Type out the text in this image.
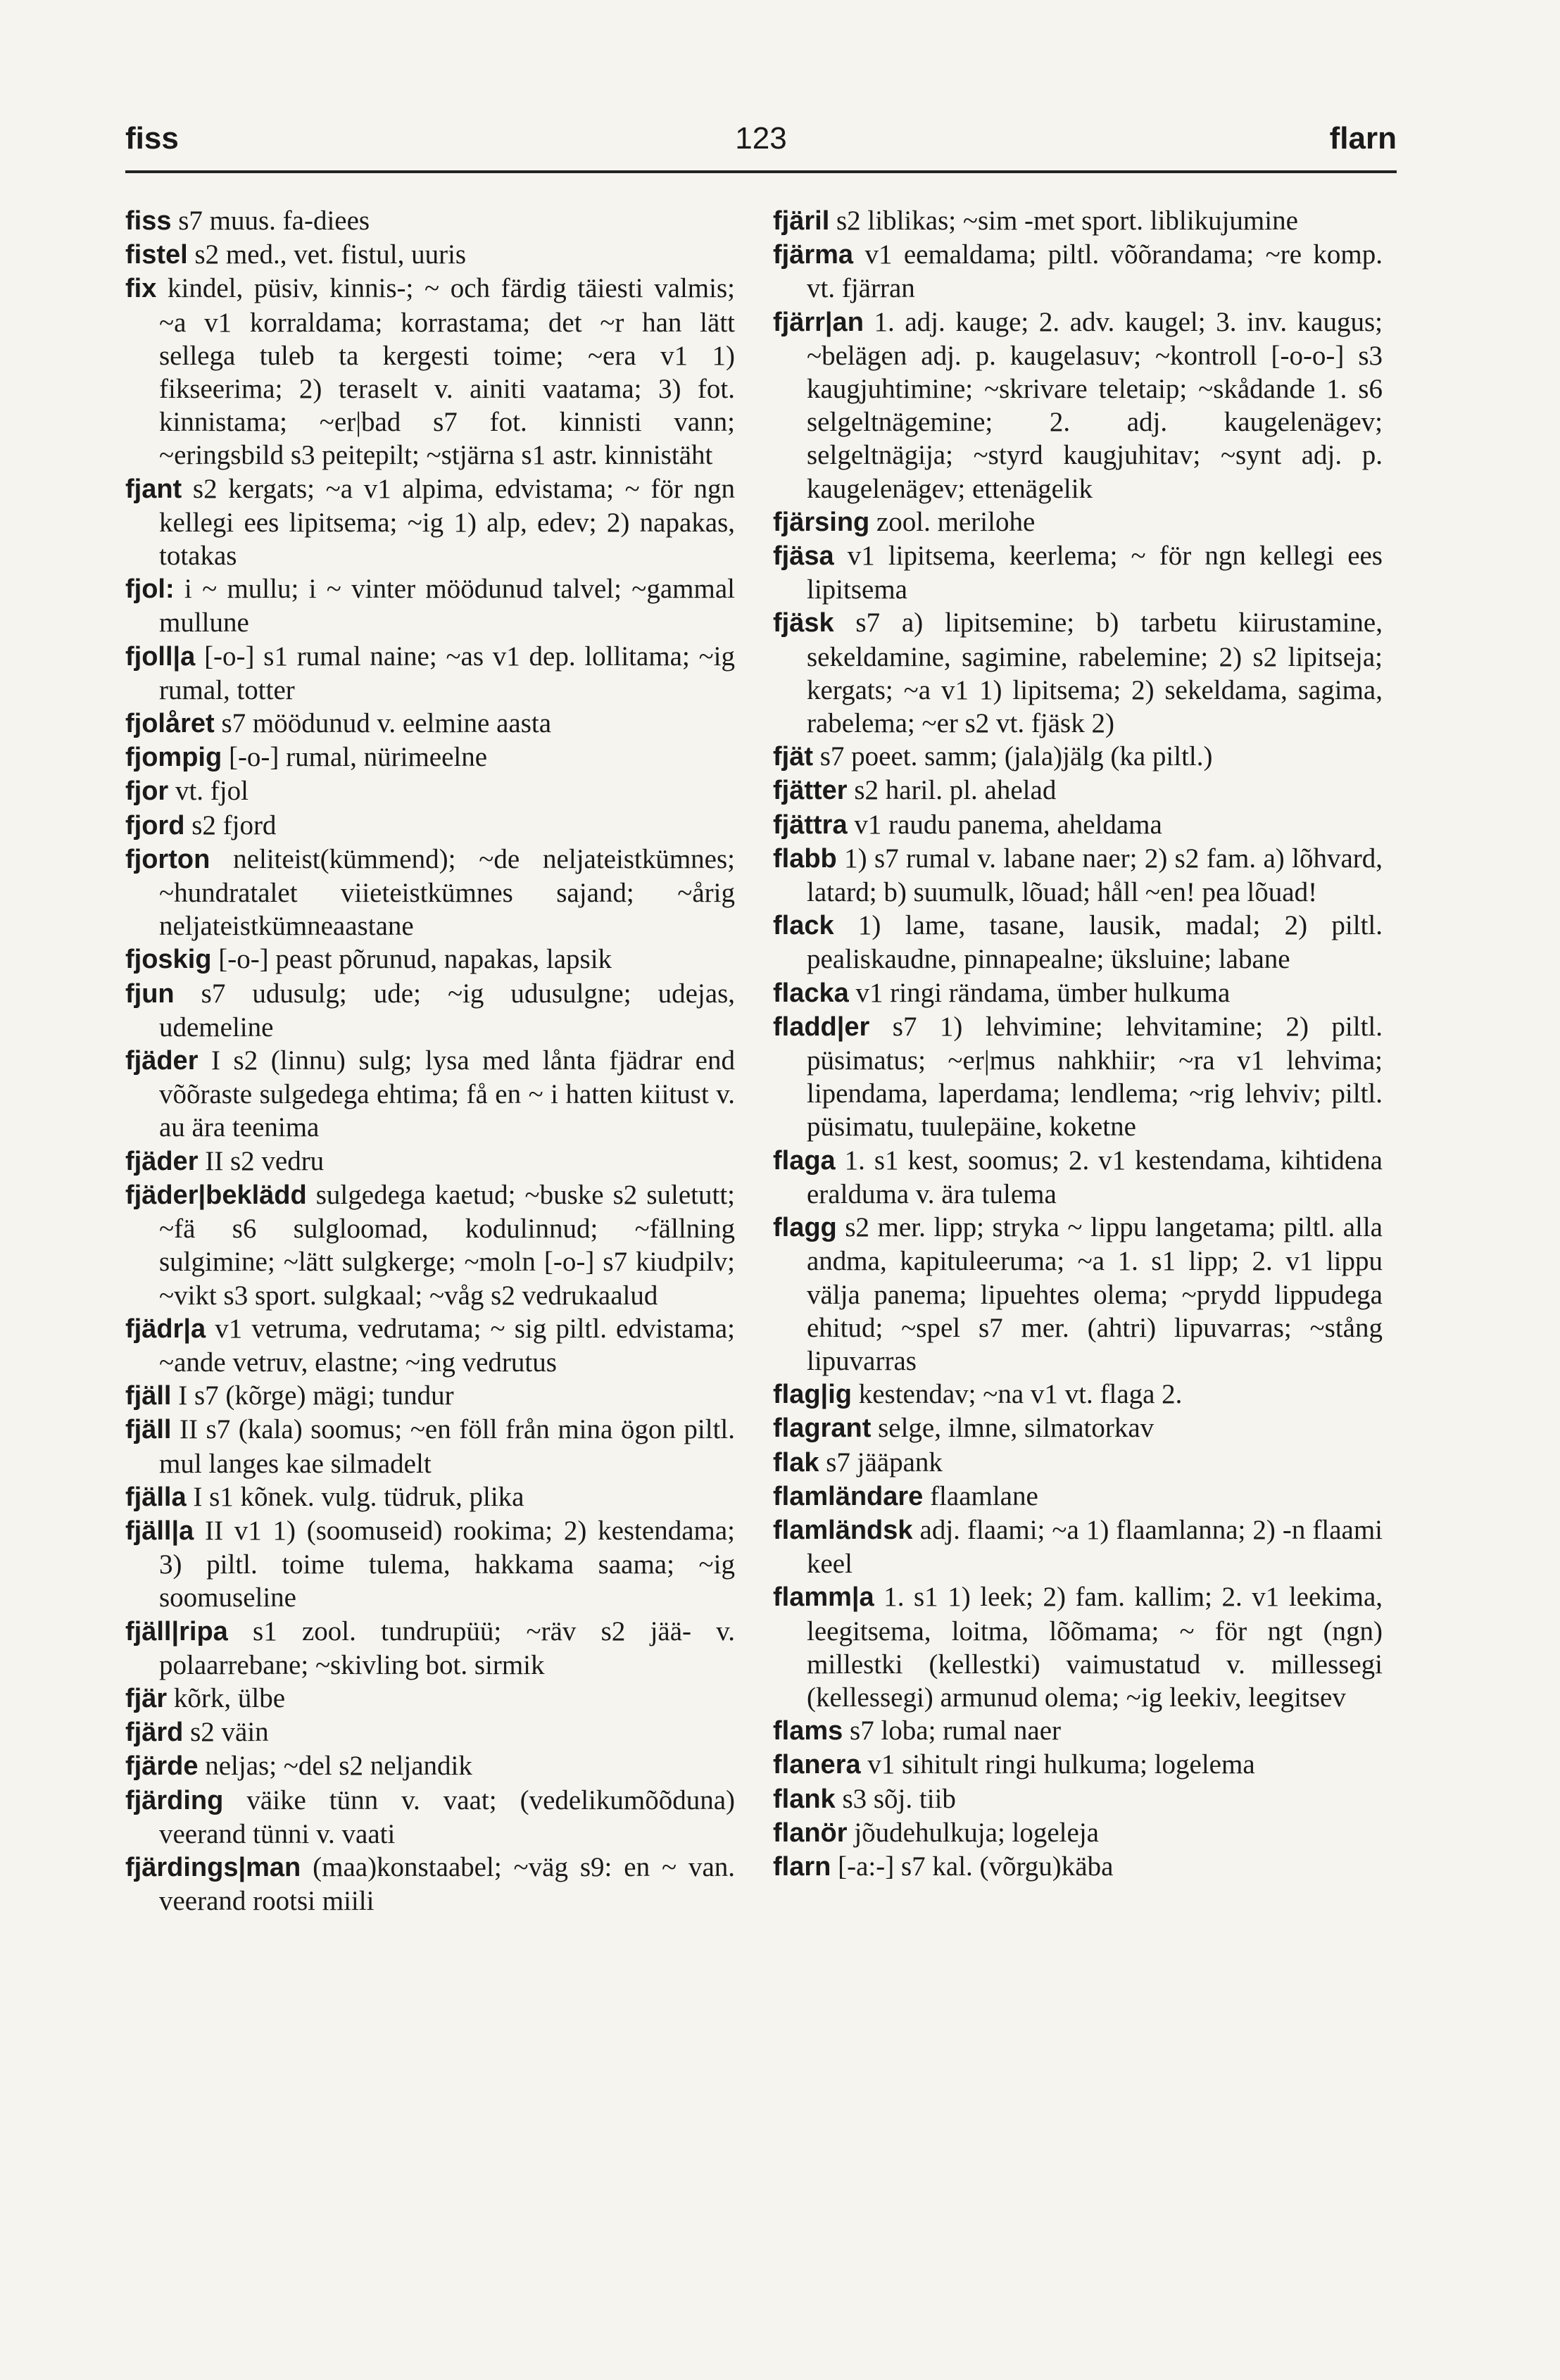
fiss	123	flarn

fiss s7 muus. fa-diees

fistel s2 med., vet. fistul, uuris

fix kindel, püsiv, kinnis-; ~ och färdig täiesti valmis; ~a v1 korraldama; korrastama; det ~r han lätt sellega tuleb ta kergesti toime; ~era v1 1) fikseerima; 2) teraselt v. ainiti vaatama; 3) fot. kinnistama; ~er|bad s7 fot. kinnisti vann; ~eringsbild s3 peitepilt; ~stjärna s1 astr. kinnistäht

fjant s2 kergats; ~a v1 alpima, edvistama; ~ för ngn kellegi ees lipitsema; ~ig 1) alp, edev; 2) napakas, totakas

fjol: i ~ mullu; i ~ vinter möödunud talvel; ~gammal mullune

fjoll|a [-o-] s1 rumal naine; ~as v1 dep. lollitama; ~ig rumal, totter

fjolåret s7 möödunud v. eelmine aasta

fjompig [-o-] rumal, nürimeelne

fjor vt. fjol

fjord s2 fjord

fjorton neliteist(kümmend); ~de neljateistkümnes; ~hundratalet viieteistkümnes sajand; ~årig neljateistkümneaastane

fjoskig [-o-] peast põrunud, napakas, lapsik

fjun s7 udusulg; ude; ~ig udusulgne; udejas, udemeline

fjäder I s2 (linnu) sulg; lysa med lånta fjädrar end võõraste sulgedega ehtima; få en ~ i hatten kiitust v. au ära teenima

fjäder II s2 vedru

fjäder|beklädd sulgedega kaetud; ~buske s2 suletutt; ~fä s6 sulgloomad, kodulinnud; ~fällning sulgimine; ~lätt sulgkerge; ~moln [-o-] s7 kiudpilv; ~vikt s3 sport. sulgkaal; ~våg s2 vedrukaalud

fjädr|a v1 vetruma, vedrutama; ~ sig piltl. edvistama; ~ande vetruv, elastne; ~ing vedrutus

fjäll I s7 (kõrge) mägi; tundur

fjäll II s7 (kala) soomus; ~en föll från mina ögon piltl. mul langes kae silmadelt

fjälla I s1 kõnek. vulg. tüdruk, plika

fjäll|a II v1 1) (soomuseid) rookima; 2) kestendama; 3) piltl. toime tulema, hakkama saama; ~ig soomuseline

fjäll|ripa s1 zool. tundrupüü; ~räv s2 jää- v. polaarrebane; ~skivling bot. sirmik

fjär kõrk, ülbe

fjärd s2 väin

fjärde neljas; ~del s2 neljandik

fjärding väike tünn v. vaat; (vedelikumõõduna) veerand tünni v. vaati

fjärdings|man (maa)konstaabel; ~väg s9: en ~ van. veerand rootsi miili

fjäril s2 liblikas; ~sim -met sport. liblikujumine

fjärma v1 eemaldama; piltl. võõrandama; ~re komp. vt. fjärran

fjärr|an 1. adj. kauge; 2. adv. kaugel; 3. inv. kaugus; ~belägen adj. p. kaugelasuv; ~kontroll [-o-o-] s3 kaugjuhtimine; ~skrivare teletaip; ~skådande 1. s6 selgeltnägemine; 2. adj. kaugelenägev; selgeltnägija; ~styrd kaugjuhitav; ~synt adj. p. kaugelenägev; ettenägelik

fjärsing zool. merilohe

fjäsa v1 lipitsema, keerlema; ~ för ngn kellegi ees lipitsema

fjäsk s7 a) lipitsemine; b) tarbetu kiirustamine, sekeldamine, sagimine, rabelemine; 2) s2 lipitseja; kergats; ~a v1 1) lipitsema; 2) sekeldama, sagima, rabelema; ~er s2 vt. fjäsk 2)

fjät s7 poeet. samm; (jala)jälg (ka piltl.)

fjätter s2 haril. pl. ahelad

fjättra v1 raudu panema, aheldama

flabb 1) s7 rumal v. labane naer; 2) s2 fam. a) lõhvard, latard; b) suumulk, lõuad; håll ~en! pea lõuad!

flack 1) lame, tasane, lausik, madal; 2) piltl. pealiskaudne, pinnapealne; üksluine; labane

flacka v1 ringi rändama, ümber hulkuma

fladd|er s7 1) lehvimine; lehvitamine; 2) piltl. püsimatus; ~er|mus nahkhiir; ~ra v1 lehvima; lipendama, laperdama; lendlema; ~rig lehviv; piltl. püsimatu, tuulepäine, koketne

flaga 1. s1 kest, soomus; 2. v1 kestendama, kihtidena eralduma v. ära tulema

flagg s2 mer. lipp; stryka ~ lippu langetama; piltl. alla andma, kapituleeruma; ~a 1. s1 lipp; 2. v1 lippu välja panema; lipuehtes olema; ~prydd lippudega ehitud; ~spel s7 mer. (ahtri) lipuvarras; ~stång lipuvarras

flag|ig kestendav; ~na v1 vt. flaga 2.

flagrant selge, ilmne, silmatorkav

flak s7 jääpank

flamländare flaamlane

flamländsk adj. flaami; ~a 1) flaamlanna; 2) -n flaami keel

flamm|a 1. s1 1) leek; 2) fam. kallim; 2. v1 leekima, leegitsema, loitma, lõõmama; ~ för ngt (ngn) millestki (kellestki) vaimustatud v. millessegi (kellessegi) armunud olema; ~ig leekiv, leegitsev

flams s7 loba; rumal naer

flanera v1 sihitult ringi hulkuma; logelema

flank s3 sõj. tiib

flanör jõudehulkuja; logeleja

flarn [-a:-] s7 kal. (võrgu)käba
